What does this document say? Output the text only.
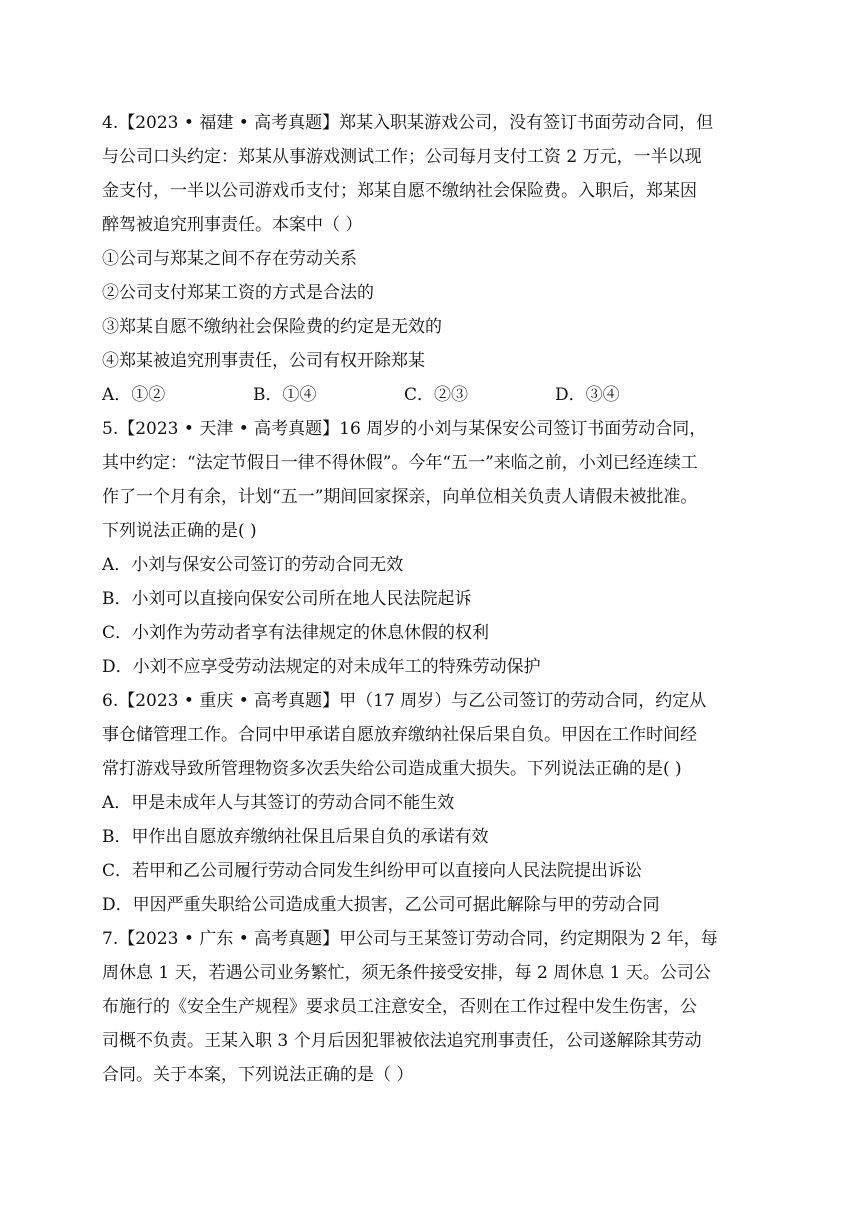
4.【2023 • 福建 • 高考真题】郑某入职某游戏公司，没有签订书面劳动合同，但
与公司口头约定：郑某从事游戏测试工作；公司每月支付工资 2 万元，一半以现
金支付，一半以公司游戏币支付；郑某自愿不缴纳社会保险费。入职后，郑某因
醉驾被追究刑事责任。本案中（ ）
①公司与郑某之间不存在劳动关系
②公司支付郑某工资的方式是合法的
③郑某自愿不缴纳社会保险费的约定是无效的
④郑某被追究刑事责任，公司有权开除郑某
A．①②	B．①④	C．②③	D．③④
5.【2023 • 天津 • 高考真题】16 周岁的小刘与某保安公司签订书面劳动合同，
其中约定：“法定节假日一律不得休假”。今年“五一”来临之前，小刘已经连续工
作了一个月有余，计划“五一”期间回家探亲，向单位相关负责人请假未被批准。
下列说法正确的是( )
A．小刘与保安公司签订的劳动合同无效
B．小刘可以直接向保安公司所在地人民法院起诉
C．小刘作为劳动者享有法律规定的休息休假的权利
D．小刘不应享受劳动法规定的对未成年工的特殊劳动保护
6.【2023 • 重庆 • 高考真题】甲（17 周岁）与乙公司签订的劳动合同，约定从
事仓储管理工作。合同中甲承诺自愿放弃缴纳社保后果自负。甲因在工作时间经
常打游戏导致所管理物资多次丢失给公司造成重大损失。下列说法正确的是( )
A．甲是未成年人与其签订的劳动合同不能生效
B．甲作出自愿放弃缴纳社保且后果自负的承诺有效
C．若甲和乙公司履行劳动合同发生纠纷甲可以直接向人民法院提出诉讼
D．甲因严重失职给公司造成重大损害，乙公司可据此解除与甲的劳动合同
7.【2023 • 广东 • 高考真题】甲公司与王某签订劳动合同，约定期限为 2 年，每
周休息 1 天，若遇公司业务繁忙，须无条件接受安排，每 2 周休息 1 天。公司公
布施行的《安全生产规程》要求员工注意安全，否则在工作过程中发生伤害，公
司概不负责。王某入职 3 个月后因犯罪被依法追究刑事责任，公司遂解除其劳动
合同。关于本案，下列说法正确的是（ ）
